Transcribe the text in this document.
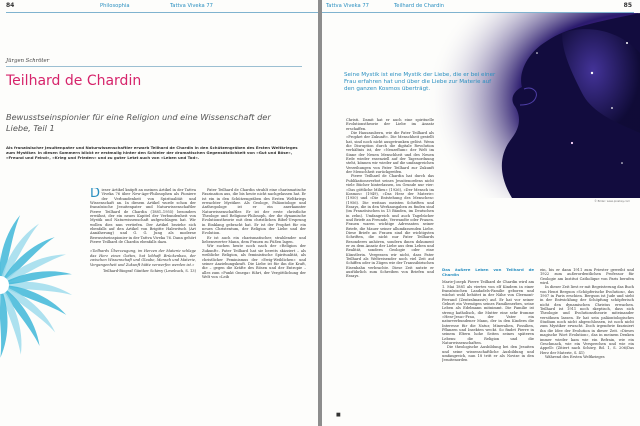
84	Philosophia	Tattva Viveka 77
Jürgen Schröter
Teilhard de Chardin
Bewusstseinspionier für eine Religion und eine Wissenschaft der Liebe, Teil 1
Als französischer Jesuitenpater und Naturwissenschaftler erwarb Teilhard de Chardin in den Schützengräben des Ersten Weltkrieges zum Mystiker. In diesen Sommern blickt er erstmalig hinter den Schleier der dramatischen Gegensätzlichkeit von »Gut und Böse«, »Freund und Feind«, »Krieg und Frieden« und zu guter Letzt auch von »Leben und Tod«.
D ieser Artikel knüpft an meinen Artikel in der Tattva Viveka 76 über New-Age-Philosophen als Pioniere der Verbundenheit von Spiritualität und Wissenschaft an. In diesem Artikel wurde schon der französische Jesuitenpater und Naturwissenschaftler Pierre Teilhard de Chardin (1881–1955) besonders erwähnt, der ein neues Kapitel der Verbundenheit von Mystik und Naturwissenschaft aufgeschlagen hat. Wir wollen dies nun vertiefen. Der Artikel beziehe sich ebenfalls auf den Artikel von Brigitte Halewitsch (Art Annäherung) und G. G. Jung als moderne Bewusstseinspionier in der Tattva Viveka 76. Dann gehört Pierre Teilhard de Chardin ebenfalls dazu.

»Teilhards Überzeugung, im Herzen der Materie schlage das Herz eines Gottes, hat lebhaft Brückenbau, der zwischen Wissenschaft und Glaube, Mensch und Materie, Vergangenheit und Zukunft hätte verwerfen werden ist.«

Teilhard-Biograf Günther Schiwy (Lesebuch, S. 13)

Pater Teilhard de Chardin strahlt eine charismatische Faszination aus, die bis heute nicht nachgelassen hat. Er ist ein in den Schützengräben des Ersten Weltkriegs erwachter Mystiker. Als Geologe, Paläontologe und Anthropologe ist er ein anerkannter Naturwissenschaftler. Er ist der erste christliche Theologe und Religions-Philosoph, der die dynamische Evolutionstheorie mit dem christlichen Bibel-Ursprung in Einklang gebracht hat. Er ist der Prophet für ein neues Christentum, der Religion der Liebe und der Evolution.

Er ist auch ein charismatischer, strahlender und liebenswerter Mann, dem Frauen zu Füßen lagen.

Wir suchen heute noch nach der »Religion der Zukunft«. Pater Teilhard hat sie bereits skizziert – als weibliche Religion, als feministische Spiritualität, als christlicher Feminismus der »Ewig-Weiblichen« und seiner Anziehungskraft. Die Liebe ist für ihn die Kraft, die – gegen die Kräfte des Bösen und der Entropie – alles zum »Punkt Omega« führt, der Vergöttlichung der Welt von »Leib

Tattva Viveka 77	Teilhard de Chardin	85
Seine Mystik ist eine Mystik der Liebe, die er bei einer Frau erfahren hat und über die Liebe zur Materie auf den ganzen Kosmos überträgt.
© Bilder: www.pixabay.com

Christi. Damit hat er auch eine spirituelle Evolutionstheorie der Liebe im Ansatz erschaffen.

Die Hauszaubern, wie die Pater Teilhard als »Prophet der Zukunft«. Die Menschheit gestellt hat, sind noch nicht ausgetrunken gelöst. Wenn die Disruption durch die digitale Revolution verhältnis ist, der »Neuzeflum« der Welt im Sinne der Neuen Menschheit und des Neuen Erde wieder essenziell auf der Tagesordnung steht, können wir wieder auf die umfangreichen Verzeihungen von Pater Teilhard zur Zukunft der Menschheit zurückgreifen.

Pierre Teilhard de Chardin hat durch das Publikationsverbot seines Jesuitenordens nicht viele Bücher hinterlassen, im Grunde nur vier: »Das göttliche Milieu« (1926), »Der Mensch im Kosmos« (1949), »Das Herz der Materie« (1950) und »Die Entstehung des Menschen« (1956). Die weitaus meisten Schriften und Essays, die in den Werkausgaben zu finden sind (im Französischen in 13 Bänden, im Deutschen in zehn). Umfangreich und auch Tagebücher und Briefe an Freunde, Verwandte oder Frauen. Frauen waren wichtige Adressaten seiner Briefe, die Mauer seiner allumfassenden Liebe. Diese Briefe an Frauen sind die wichtigsten Schriften, die nicht nur Pater Teilhards Besonderes anhören, sondern ihnen dokument er zu dem Ansatz der Liebe aus dem Leben und Realität, sondern Geologie oder eine Künstlerin. Vergessen wir nicht, dass Pater Teilhard als Weltreisender noch viel Zeit auf Schiffen oder in Zügen wie der Transsibirischen Eisenbahn verbrachte. Diese Zeit nutzte er ausführlich zum Schreiben von Briefen und Essays.

Das äußere Leben von Teilhard de Chardin

Marie-Joseph Pierre Teilhard de Chardin wird am 1. Mai 1881 als viertes von elf Kindern in einer französischen Landadels-Familie geboren und wächst wohl behütet in der Nähe von Clermont-Ferrand (Zentralmassiv) auf. Er hat vor seiner Geburt ein Vermögen seines Familienerbes, seine Leben als Edelmann mitnimmt. Die Familie ist streng katholisch, die Mutter eine sehr fromme »Herz-Jesu«-Frau, der Vater ein naturverbundener Mann, der in den Kindern die Interesse für die Natur, Mineralien, Fossilien, Pflanzen und Insekten weckt. So findet Pierre in seinem Eltern hohe Seiten seines späteren Lebens: die Religion und die Naturwissenschaften.

Die theologische Ausbildung bei den Jesuiten und seine wissenschaftliche Ausbildung und umfangreich, nun 18 tritt er als Novize in den Jesuitenorden

ein, bis er dann 1911 zum Priester geweiht und 1922 zum außerordentlichen Professor für Geologie am Institut Catholique von Paris berufen wird.

In dieser Zeit liest er mit Begeisterung das Buch von Henri Bergson »Schöpferische Evolution«, das 1907 in Paris erschien. Bergson ist Jude und sieht in der Entwicklung der Schöpfung schöpferisch nicht den dynamischen Christus erwachen. Teilhard ist 1911 noch skeptisch, dass sich Theologie und Evolutionstheorie miteinander versöhnen lassen. Er hat sein paläontologisches Studium noch nicht abgeschlossen, ist noch nicht zum Mystiker erwacht. Doch irgendwie fasziniert ihn die Idee der Evolution in dieser Zeit. »Dieses magische Wort Evolution«, das in meinem Denken immer wieder kam wie ein Refrain, wie ein Geschmack, wie ein Versprechen und wie ein Appell« (Zitiert nach Schiwy, Bd. 1, S. 206/Das Herz der Materie, S. 41)

Während des Ersten Weltkrieges

■
